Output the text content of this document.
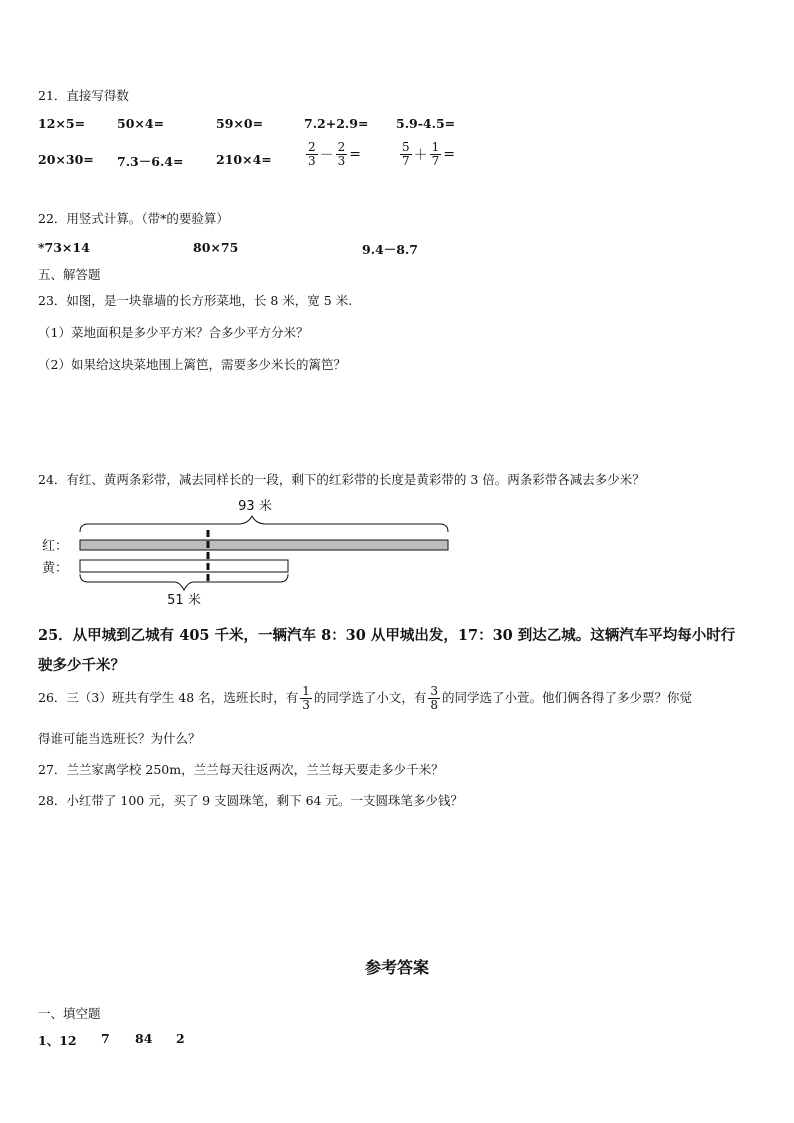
21．直接写得数
12×5=	50×4=	59×0=	7.2+2.9= 5.9-4.5=
20×30= 7.3－6.4=	210×4=	$\frac{2}{3} - \frac{2}{3}$ =	$\frac{5}{7} + \frac{1}{7}$ =
22．用竖式计算。（带*的要验算）
*73×14	80×75	9.4－8.7
五、解答题
23．如图，是一块靠墙的长方形菜地，长 8 米，宽 5 米.
（1）菜地面积是多少平方米？合多少平方分米？
（2）如果给这块菜地围上篱笆，需要多少米长的篱笆？
24．有红、黄两条彩带，减去同样长的一段，剩下的红彩带的长度是黄彩带的 3 倍。两条彩带各减去多少米？
93 米
红：
黄：
51 米
25．从甲城到乙城有 405 千米，一辆汽车 8：30 从甲城出发，17：30 到达乙城。这辆汽车平均每小时行
驶多少千米？
26．三（3）班共有学生 48 名，选班长时，有 $\frac{1}{3}$ 的同学选了小文，有 $\frac{3}{8}$ 的同学选了小萱。他们俩各得了多少票？你觉
得谁可能当选班长？为什么？
27．兰兰家离学校 250m，兰兰每天往返两次，兰兰每天要走多少千米？
28．小红带了 100 元，买了 9 支圆珠笔，剩下 64 元。一支圆珠笔多少钱？
参考答案
一、填空题
1、12 7 84 2
